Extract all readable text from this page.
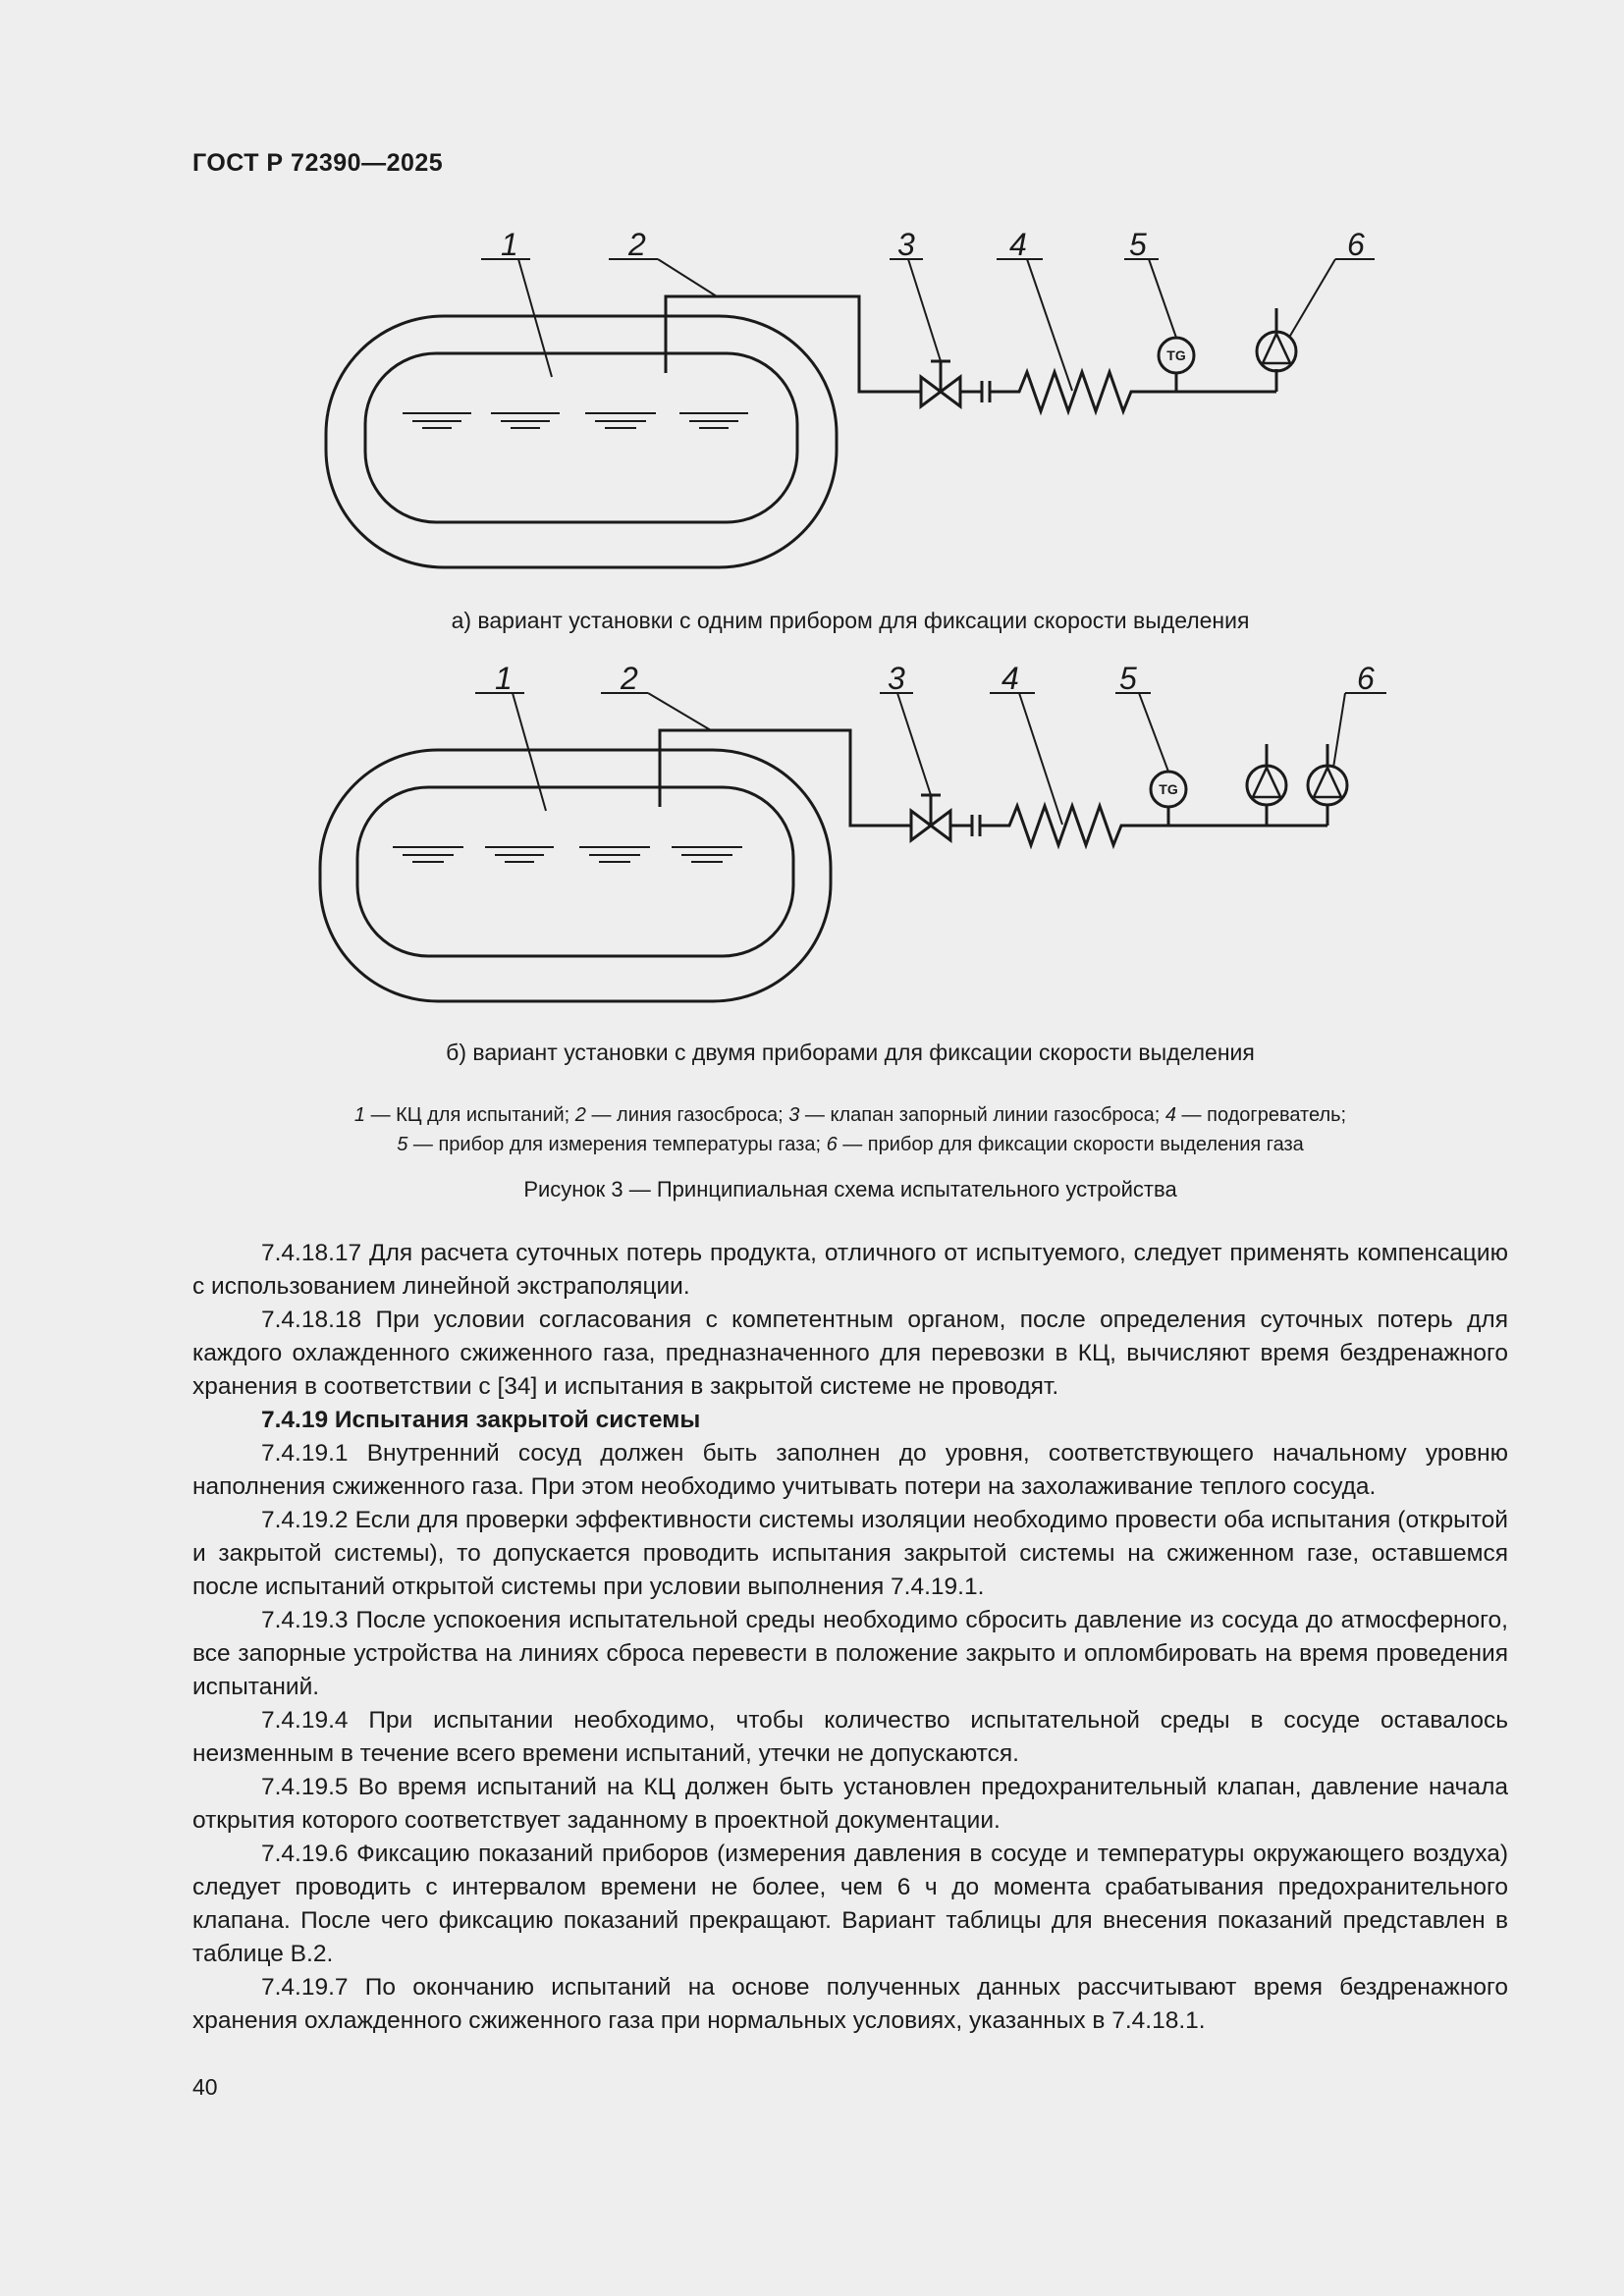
ГОСТ Р 72390—2025
TG
1	2	3	4	5	6
а) вариант установки с одним прибором для фиксации скорости выделения
TG
1	2	3	4	5	6
б) вариант установки с двумя приборами для фиксации скорости выделения
1 — КЦ для испытаний; 2 — линия газосброса; 3 — клапан запорный линии газосброса; 4 — подогреватель;
5 — прибор для измерения температуры газа; 6 — прибор для фиксации скорости выделения газа
Рисунок 3 — Принципиальная схема испытательного устройства

7.4.18.17 Для расчета суточных потерь продукта, отличного от испытуемого, следует применять компенсацию с использованием линейной экстраполяции.

7.4.18.18 При условии согласования с компетентным органом, после определения суточных потерь для каждого охлажденного сжиженного газа, предназначенного для перевозки в КЦ, вычисляют время бездренажного хранения в соответствии с [34] и испытания в закрытой системе не проводят.

7.4.19 Испытания закрытой системы

7.4.19.1 Внутренний сосуд должен быть заполнен до уровня, соответствующего начальному уровню наполнения сжиженного газа. При этом необходимо учитывать потери на захолаживание теплого сосуда.

7.4.19.2 Если для проверки эффективности системы изоляции необходимо провести оба испытания (открытой и закрытой системы), то допускается проводить испытания закрытой системы на сжиженном газе, оставшемся после испытаний открытой системы при условии выполнения 7.4.19.1.

7.4.19.3 После успокоения испытательной среды необходимо сбросить давление из сосуда до атмосферного, все запорные устройства на линиях сброса перевести в положение закрыто и опломбировать на время проведения испытаний.

7.4.19.4 При испытании необходимо, чтобы количество испытательной среды в сосуде оставалось неизменным в течение всего времени испытаний, утечки не допускаются.

7.4.19.5 Во время испытаний на КЦ должен быть установлен предохранительный клапан, давление начала открытия которого соответствует заданному в проектной документации.

7.4.19.6 Фиксацию показаний приборов (измерения давления в сосуде и температуры окружающего воздуха) следует проводить с интервалом времени не более, чем 6 ч до момента срабатывания предохранительного клапана. После чего фиксацию показаний прекращают. Вариант таблицы для внесения показаний представлен в таблице В.2.

7.4.19.7 По окончанию испытаний на основе полученных данных рассчитывают время бездренажного хранения охлажденного сжиженного газа при нормальных условиях, указанных в 7.4.18.1.

40
